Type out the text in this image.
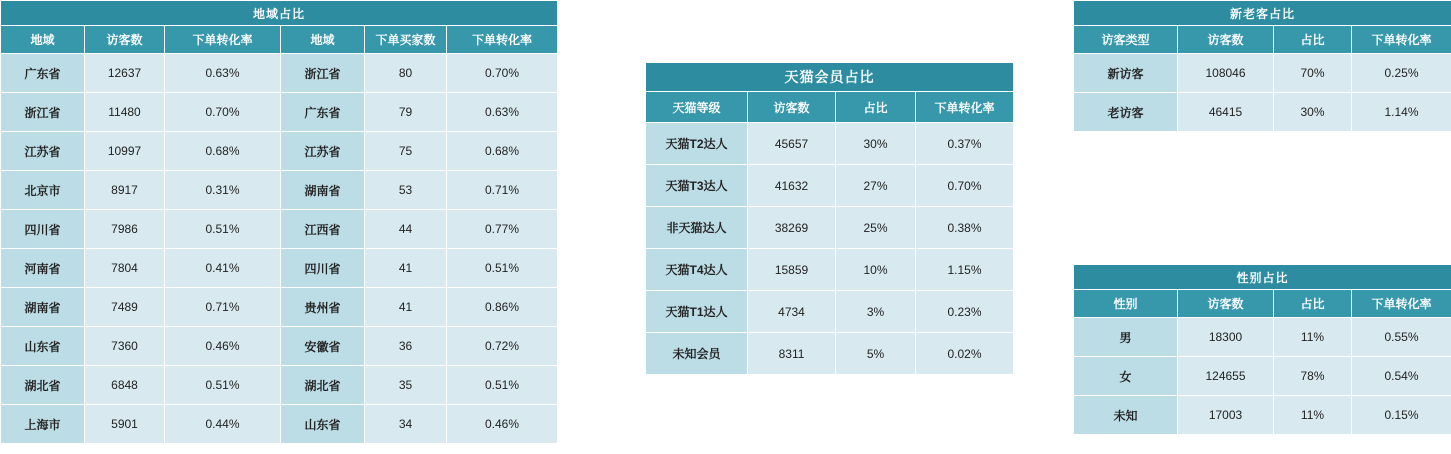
地域占比					
地域	访客数	下单转化率	地域	下单买家数	下单转化率
广东省	12637	0.63%	浙江省	80	0.70%
浙江省	11480	0.70%	广东省	79	0.63%
江苏省	10997	0.68%	江苏省	75	0.68%
北京市	8917	0.31%	湖南省	53	0.71%
四川省	7986	0.51%	江西省	44	0.77%
河南省	7804	0.41%	四川省	41	0.51%
湖南省	7489	0.71%	贵州省	41	0.86%
山东省	7360	0.46%	安徽省	36	0.72%
湖北省	6848	0.51%	湖北省	35	0.51%
上海市	5901	0.44%	山东省	34	0.46%
天猫会员占比			
天猫等级	访客数	占比	下单转化率
天猫T2达人	45657	30%	0.37%
天猫T3达人	41632	27%	0.70%
非天猫达人	38269	25%	0.38%
天猫T4达人	15859	10%	1.15%
天猫T1达人	4734	3%	0.23%
未知会员	8311	5%	0.02%
新老客占比			
访客类型	访客数	占比	下单转化率
新访客	108046	70%	0.25%
老访客	46415	30%	1.14%
性别占比			
性别	访客数	占比	下单转化率
男	18300	11%	0.55%
女	124655	78%	0.54%
未知	17003	11%	0.15%
